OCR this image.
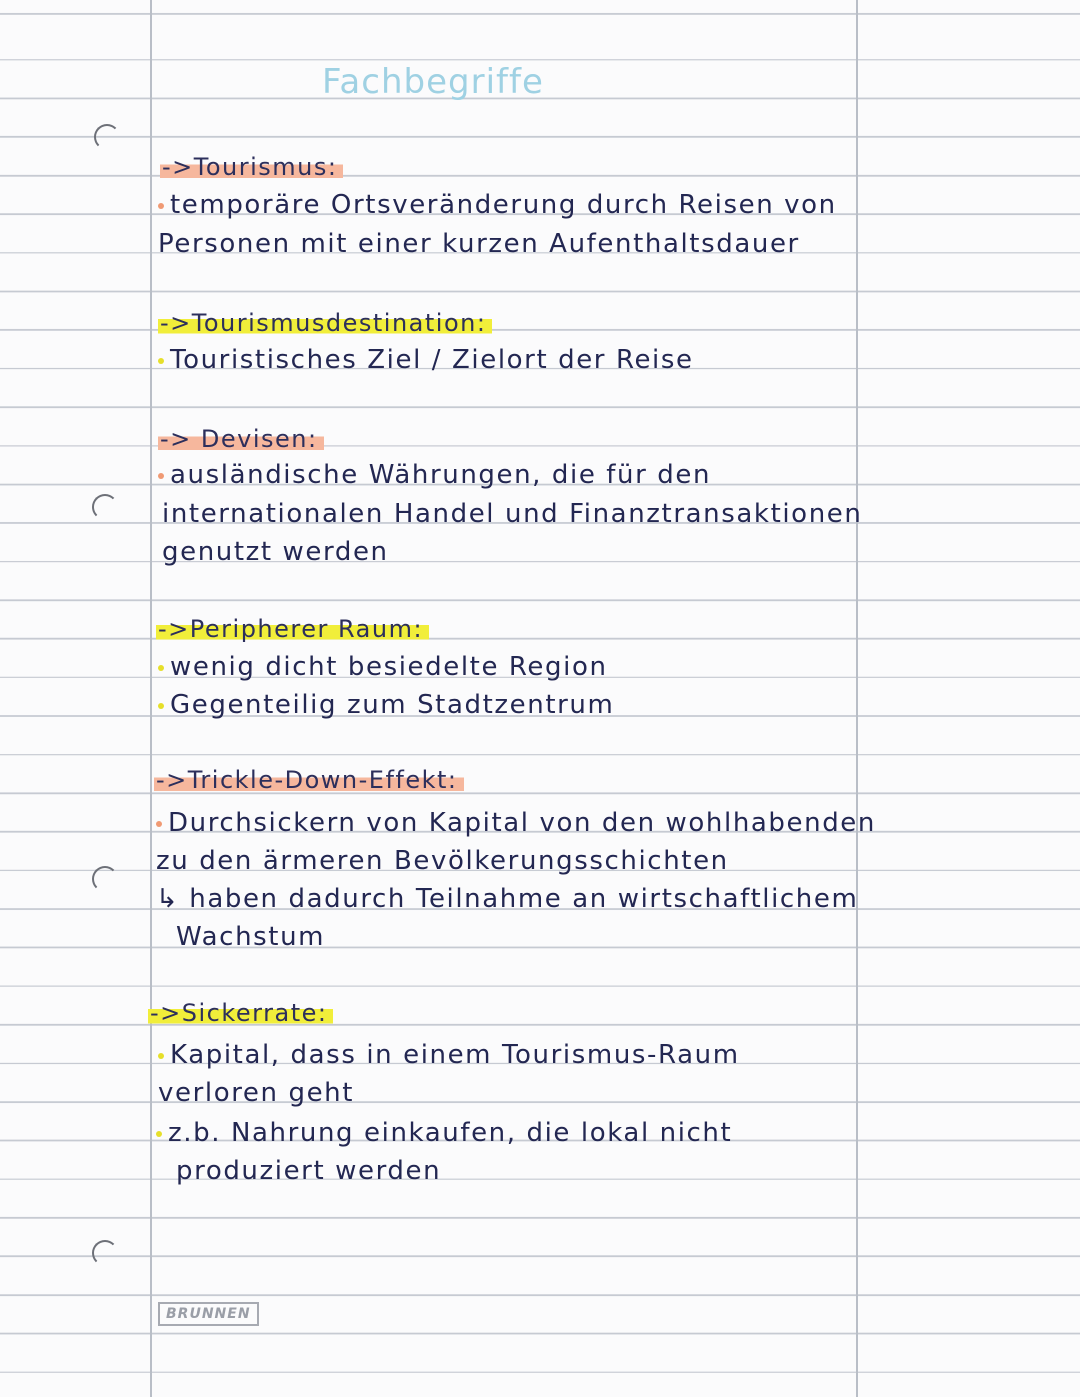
Fachbegriffe
->Tourismus:
temporäre Ortsveränderung durch Reisen von
Personen mit einer kurzen Aufenthaltsdauer
->Tourismusdestination:
Touristisches Ziel / Zielort der Reise
-> Devisen:
ausländische Währungen, die für den
internationalen Handel und Finanztransaktionen
genutzt werden
->Peripherer Raum:
wenig dicht besiedelte Region
Gegenteilig zum Stadtzentrum
->Trickle-Down-Effekt:
Durchsickern von Kapital von den wohlhabenden
zu den ärmeren Bevölkerungsschichten
↳ haben dadurch Teilnahme an wirtschaftlichem
Wachstum
->Sickerrate:
Kapital, dass in einem Tourismus-Raum
verloren geht
z.b. Nahrung einkaufen, die lokal nicht
produziert werden
BRUNNEN
